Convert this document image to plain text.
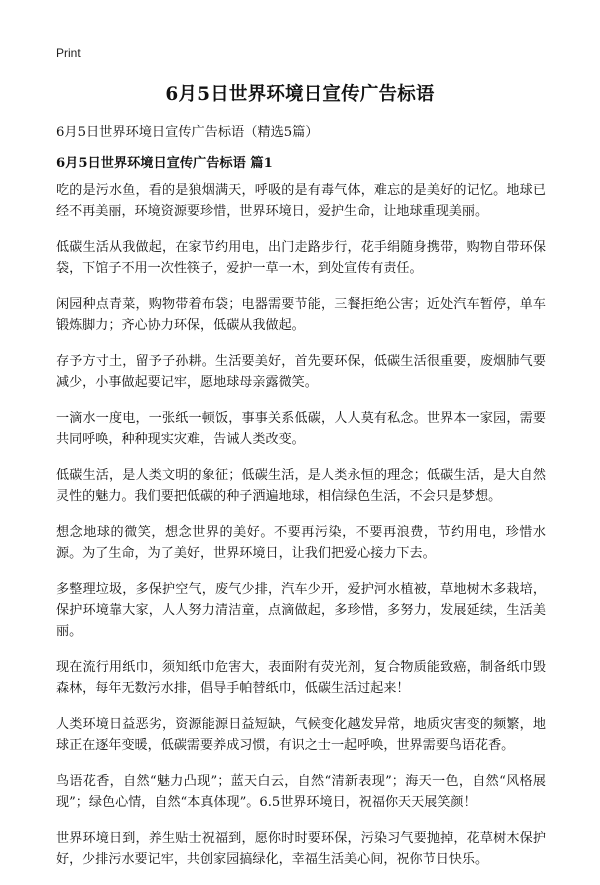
Print
6月5日世界环境日宣传广告标语

6月5日世界环境日宣传广告标语（精选5篇）

6月5日世界环境日宣传广告标语 篇1

吃的是污水鱼，看的是狼烟满天，呼吸的是有毒气体，难忘的是美好的记忆。地球已经不再美丽，环境资源要珍惜，世界环境日，爱护生命，让地球重现美丽。

低碳生活从我做起，在家节约用电，出门走路步行，花手绢随身携带，购物自带环保袋，下馆子不用一次性筷子，爱护一草一木，到处宣传有责任。

闲园种点青菜，购物带着布袋；电器需要节能，三餐拒绝公害；近处汽车暂停，单车锻炼脚力；齐心协力环保，低碳从我做起。

存予方寸土，留予子孙耕。生活要美好，首先要环保，低碳生活很重要，废烟肺气要减少，小事做起要记牢，愿地球母亲露微笑。

一滴水一度电，一张纸一顿饭，事事关系低碳，人人莫有私念。世界本一家园，需要共同呼唤，种种现实灾难，告诫人类改变。

低碳生活，是人类文明的象征；低碳生活，是人类永恒的理念；低碳生活，是大自然灵性的魅力。我们要把低碳的种子洒遍地球，相信绿色生活，不会只是梦想。

想念地球的微笑，想念世界的美好。不要再污染，不要再浪费，节约用电，珍惜水源。为了生命，为了美好，世界环境日，让我们把爱心接力下去。

多整理垃圾，多保护空气，废气少排，汽车少开，爱护河水植被，草地树木多栽培，保护环境靠大家，人人努力清洁童，点滴做起，多珍惜，多努力，发展延续，生活美丽。

现在流行用纸巾，须知纸巾危害大，表面附有荧光剂，复合物质能致癌，制备纸巾毁森林，每年无数污水排，倡导手帕替纸巾，低碳生活过起来！

人类环境日益恶劣，资源能源日益短缺，气候变化越发异常，地质灾害变的频繁，地球正在逐年变暖，低碳需要养成习惯，有识之士一起呼唤，世界需要鸟语花香。

鸟语花香，自然“魅力凸现”；蓝天白云，自然“清新表现”；海天一色，自然“风格展现”；绿色心情，自然“本真体现”。6.5世界环境日，祝福你天天展笑颜！

世界环境日到，养生贴士祝福到，愿你时时要环保，污染习气要抛掉，花草树木保护好，少排污水要记牢，共创家园搞绿化，幸福生活美心间，祝你节日快乐。
